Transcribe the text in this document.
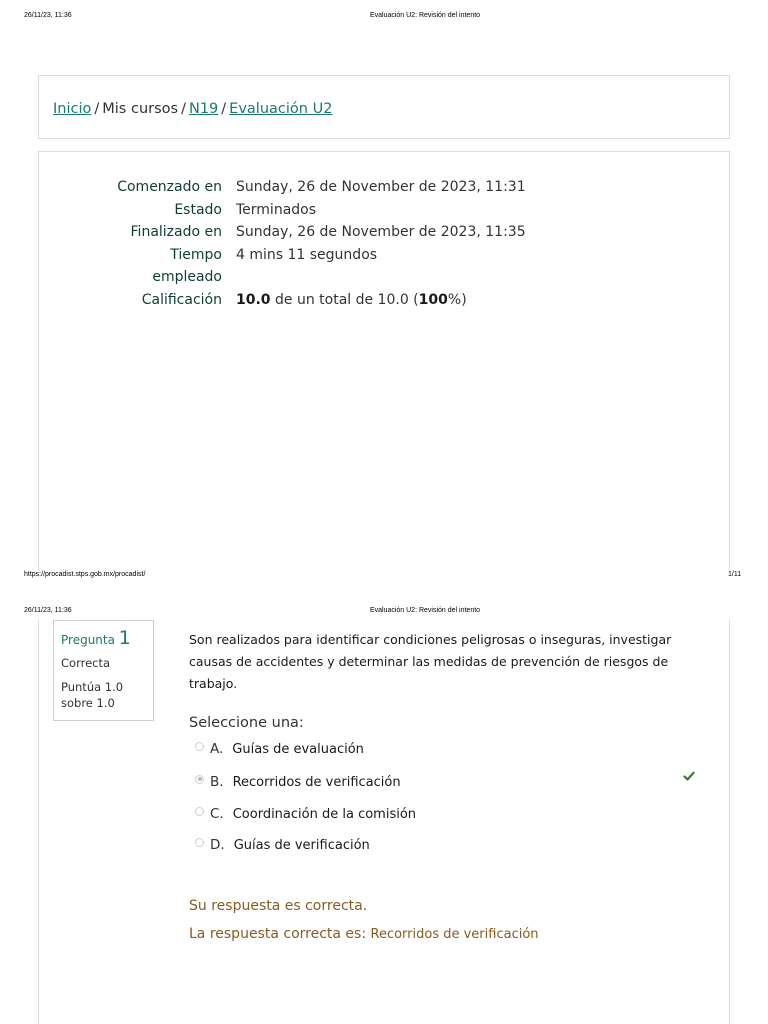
26/11/23, 11:36	Evaluación U2: Revisión del intento
Inicio / Mis cursos / N19 / Evaluación U2
Comenzado en	Sunday, 26 de November de 2023, 11:31
Estado	Terminados
Finalizado en	Sunday, 26 de November de 2023, 11:35
Tiempo
empleado	4 mins 11 segundos
Calificación	10.0 de un total de 10.0 (100%)
https://procadist.stps.gob.mx/procadist/	1/11
26/11/23, 11:36	Evaluación U2: Revisión del intento
Pregunta 1
Correcta
Puntúa 1.0
sobre 1.0
Son realizados para identificar condiciones peligrosas o inseguras, investigar
causas de accidentes y determinar las medidas de prevención de riesgos de
trabajo.
Seleccione una:
A. Guías de evaluación
B. Recorridos de verificación
C. Coordinación de la comisión
D. Guías de verificación
Su respuesta es correcta.
La respuesta correcta es: Recorridos de verificación
